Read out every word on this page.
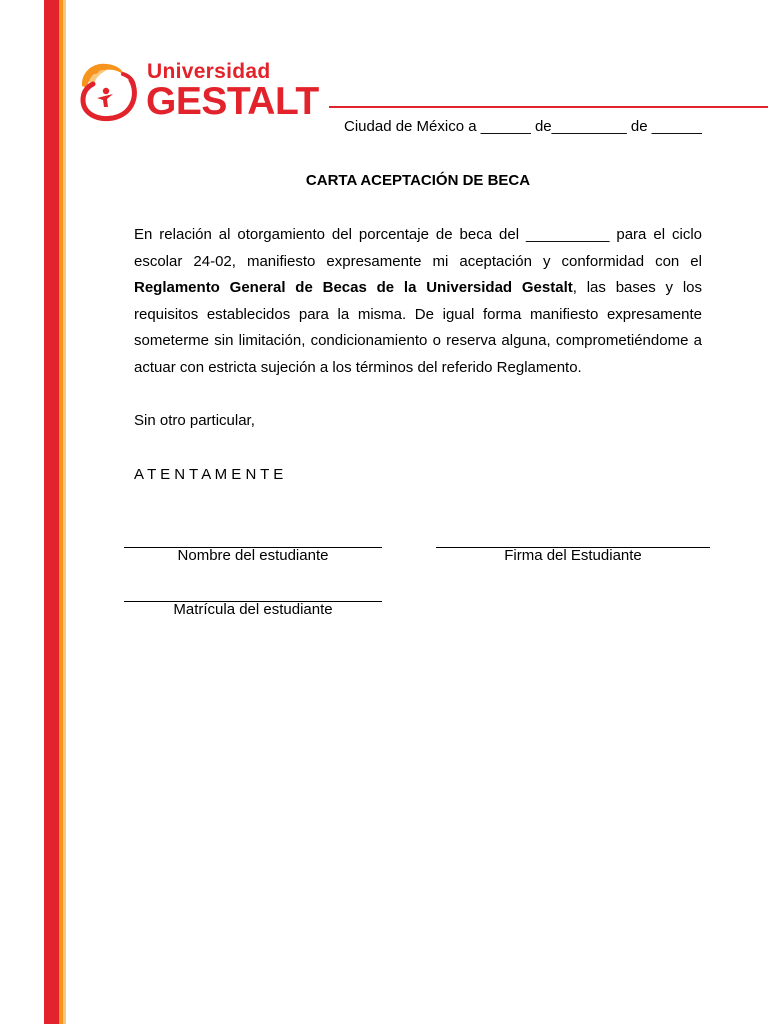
Universidad
GESTALT
Ciudad de México a ______ de_________ de ______
CARTA ACEPTACIÓN DE BECA
En relación al otorgamiento del porcentaje de beca del __________ para el ciclo
escolar 24-02, manifiesto expresamente mi aceptación y conformidad con el
Reglamento General de Becas de la Universidad Gestalt, las bases y los
requisitos establecidos para la misma. De igual forma manifiesto expresamente
someterme sin limitación, condicionamiento o reserva alguna, comprometiéndome a
actuar con estricta sujeción a los términos del referido Reglamento.
Sin otro particular,
A T E N T A M E N T E
Nombre del estudiante	Firma del Estudiante
Matrícula del estudiante
